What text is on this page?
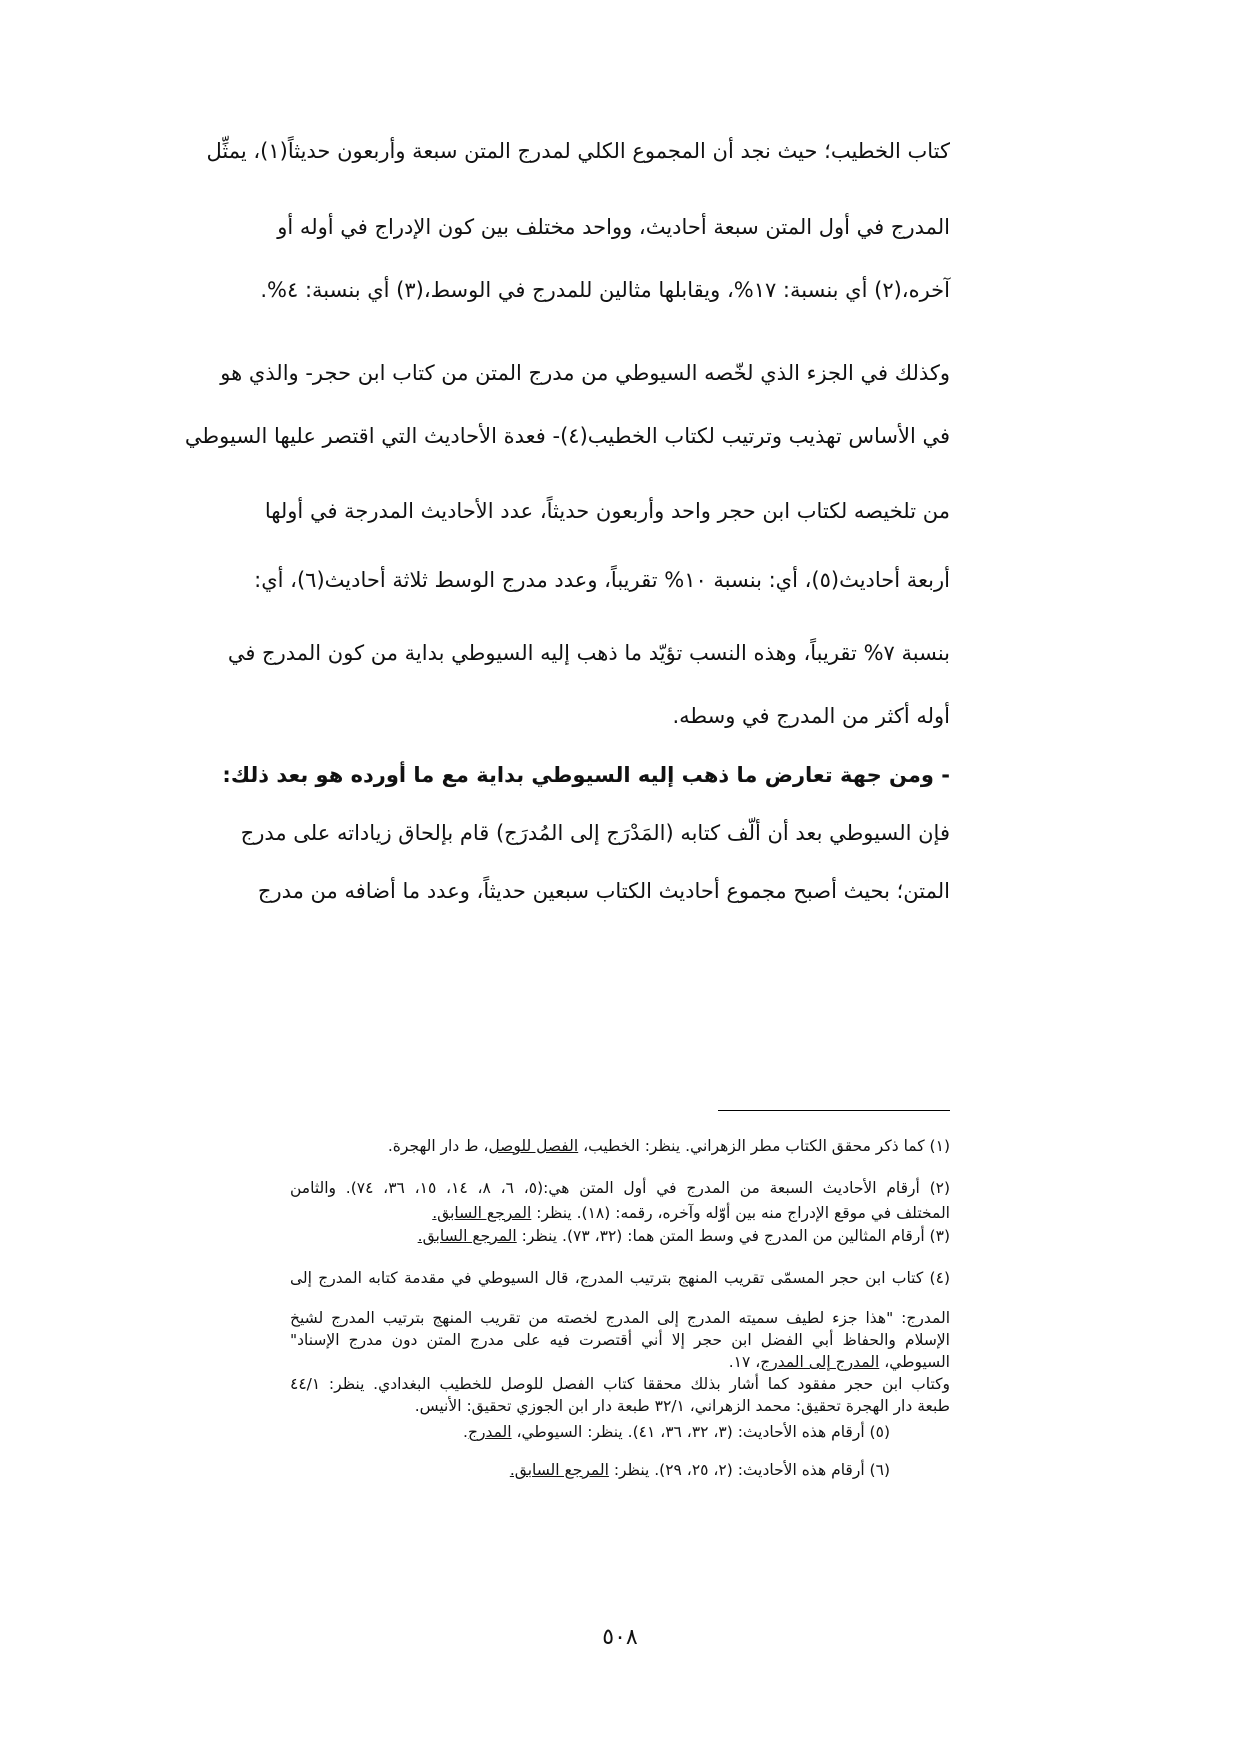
كتاب الخطيب؛ حيث نجد أن المجموع الكلي لمدرج المتن سبعة وأربعون حديثاً(١)، يمثِّل
المدرج في أول المتن سبعة أحاديث، وواحد مختلف بين كون الإدراج في أوله أو
آخره،(٢) أي بنسبة: ١٧%، ويقابلها مثالين للمدرج في الوسط،(٣) أي بنسبة: ٤%.
وكذلك في الجزء الذي لخّصه السيوطي من مدرج المتن من كتاب ابن حجر- والذي هو
في الأساس تهذيب وترتيب لكتاب الخطيب(٤)- فعدة الأحاديث التي اقتصر عليها السيوطي
من تلخيصه لكتاب ابن حجر واحد وأربعون حديثاً، عدد الأحاديث المدرجة في أولها
أربعة أحاديث(٥)، أي: بنسبة ١٠% تقريباً، وعدد مدرج الوسط ثلاثة أحاديث(٦)، أي:
بنسبة ٧% تقريباً، وهذه النسب تؤيّد ما ذهب إليه السيوطي بداية من كون المدرج في
أوله أكثر من المدرج في وسطه.
- ومن جهة تعارض ما ذهب إليه السيوطي بداية مع ما أورده هو بعد ذلك:
فإن السيوطي بعد أن ألّف كتابه (المَدْرَج إلى المُدرَج) قام بإلحاق زياداته على مدرج
المتن؛ بحيث أصبح مجموع أحاديث الكتاب سبعين حديثاً، وعدد ما أضافه من مدرج
(١) كما ذكر محقق الكتاب مطر الزهراني. ينظر: الخطيب، الفصل للوصل، ط دار الهجرة.
(٢) أرقام الأحاديث السبعة من المدرج في أول المتن هي:(٥، ٦، ٨، ١٤، ١٥، ٣٦، ٧٤). والثامن
المختلف في موقع الإدراج منه بين أوّله وآخره، رقمه: (١٨). ينظر: المرجع السابق.
(٣) أرقام المثالين من المدرج في وسط المتن هما: (٣٢، ٧٣). ينظر: المرجع السابق.
(٤) كتاب ابن حجر المسمّى تقريب المنهج بترتيب المدرج، قال السيوطي في مقدمة كتابه المدرج إلى
المدرج: "هذا جزء لطيف سميته المدرج إلى المدرج لخصته من تقريب المنهج بترتيب المدرج لشيخ
الإسلام والحفاظ أبي الفضل ابن حجر إلا أني أقتصرت فيه على مدرج المتن دون مدرج الإسناد"
السيوطي، المدرج إلى المدرج، ١٧.
وكتاب ابن حجر مفقود كما أشار بذلك محققا كتاب الفصل للوصل للخطيب البغدادي. ينظر: ٤٤/١
طبعة دار الهجرة تحقيق: محمد الزهراني، ٣٢/١ طبعة دار ابن الجوزي تحقيق: الأنيس.
(٥) أرقام هذه الأحاديث: (٣، ٣٢، ٣٦، ٤١). ينظر: السيوطي، المدرج.
(٦) أرقام هذه الأحاديث: (٢، ٢٥، ٢٩). ينظر: المرجع السابق.
٥٠٨
